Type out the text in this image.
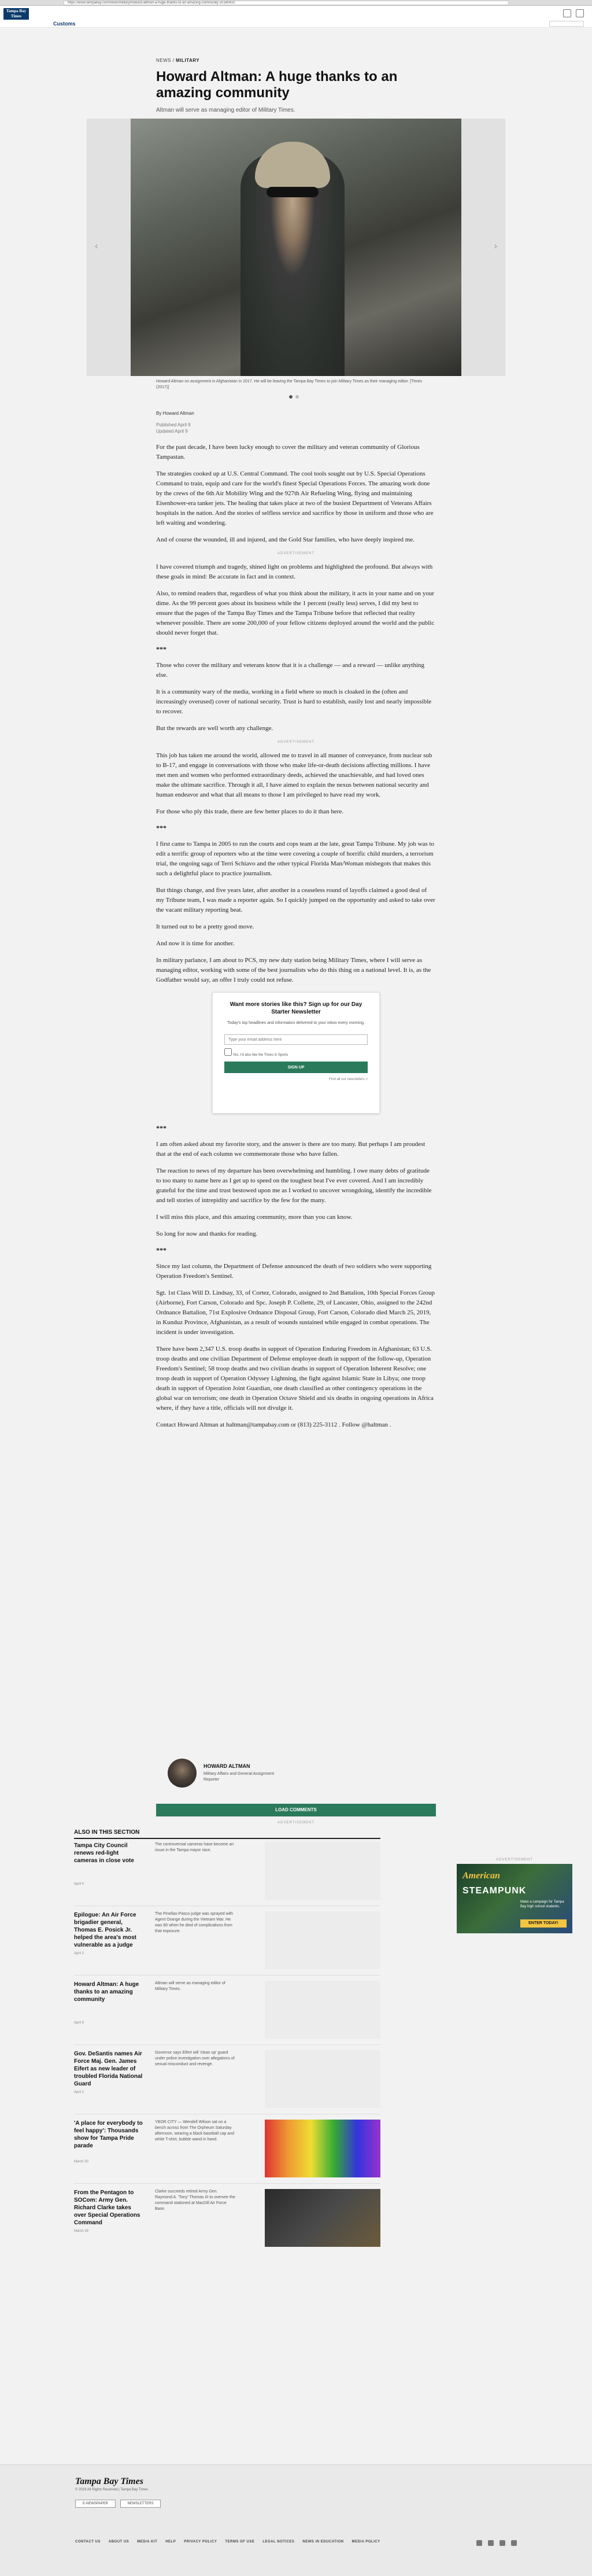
https://www.tampabay.com/news/military/howard-altman-a-huge-thanks-to-an-amazing-community-20180410
Tampa Bay Times
Customs
NEWS / MILITARY
Howard Altman: A huge thanks to an amazing community
Altman will serve as managing editor of Military Times.
‹	›
Howard Altman on assignment in Afghanistan in 2017. He will be leaving the Tampa Bay Times to join Military Times as their managing editor. [Times (2017)]
By Howard Altman
Published April 9
Updated April 9

For the past decade, I have been lucky enough to cover the military and veteran community of Glorious Tampastan.

The strategies cooked up at U.S. Central Command. The cool tools sought out by U.S. Special Operations Command to train, equip and care for the world's finest Special Operations Forces. The amazing work done by the crews of the 6th Air Mobility Wing and the 927th Air Refueling Wing, flying and maintaining Eisenhower-era tanker jets. The healing that takes place at two of the busiest Department of Veterans Affairs hospitals in the nation. And the stories of selfless service and sacrifice by those in uniform and those who are left waiting and wondering.

And of course the wounded, ill and injured, and the Gold Star families, who have deeply inspired me.

ADVERTISEMENT

I have covered triumph and tragedy, shined light on problems and highlighted the profound. But always with these goals in mind: Be accurate in fact and in context.

Also, to remind readers that, regardless of what you think about the military, it acts in your name and on your dime. As the 99 percent goes about its business while the 1 percent (really less) serves, I did my best to ensure that the pages of the Tampa Bay Times and the Tampa Tribune before that reflected that reality whenever possible. There are some 200,000 of your fellow citizens deployed around the world and the public should never forget that.

***

Those who cover the military and veterans know that it is a challenge — and a reward — unlike anything else.

It is a community wary of the media, working in a field where so much is cloaked in the (often and increasingly overused) cover of national security. Trust is hard to establish, easily lost and nearly impossible to recover.

But the rewards are well worth any challenge.

ADVERTISEMENT

This job has taken me around the world, allowed me to travel in all manner of conveyance, from nuclear sub to B-17, and engage in conversations with those who make life-or-death decisions affecting millions. I have met men and women who performed extraordinary deeds, achieved the unachievable, and had loved ones make the ultimate sacrifice. Through it all, I have aimed to explain the nexus between national security and human endeavor and what that all means to those I am privileged to have read my work.

For those who ply this trade, there are few better places to do it than here.

***

I first came to Tampa in 2005 to run the courts and cops team at the late, great Tampa Tribune. My job was to edit a terrific group of reporters who at the time were covering a couple of horrific child murders, a terrorism trial, the ongoing saga of Terri Schiavo and the other typical Florida Man/Woman misbegots that makes this such a delightful place to practice journalism.

But things change, and five years later, after another in a ceaseless round of layoffs claimed a good deal of my Tribune team, I was made a reporter again. So I quickly jumped on the opportunity and asked to take over the vacant military reporting beat.

It turned out to be a pretty good move.

And now it is time for another.

In military parlance, I am about to PCS, my new duty station being Military Times, where I will serve as managing editor, working with some of the best journalists who do this thing on a national level. It is, as the Godfather would say, an offer I truly could not refuse.

Want more stories like this? Sign up for our Day Starter Newsletter
Today's top headlines and information delivered to your inbox every morning.
Type your email address here
Yes, I'd also like the Times in Sports
SIGN UP
Find all our newsletters >
***

I am often asked about my favorite story, and the answer is there are too many. But perhaps I am proudest that at the end of each column we commemorate those who have fallen.

The reaction to news of my departure has been overwhelming and humbling. I owe many debts of gratitude to too many to name here as I get up to speed on the toughest beat I've ever covered. And I am incredibly grateful for the time and trust bestowed upon me as I worked to uncover wrongdoing, identify the incredible and tell stories of intrepidity and sacrifice by the few for the many.

I will miss this place, and this amazing community, more than you can know.

So long for now and thanks for reading.

***

Since my last column, the Department of Defense announced the death of two soldiers who were supporting Operation Freedom's Sentinel.

Sgt. 1st Class Will D. Lindsay, 33, of Cortez, Colorado, assigned to 2nd Battalion, 10th Special Forces Group (Airborne), Fort Carson, Colorado and Spc. Joseph P. Collette, 29, of Lancaster, Ohio, assigned to the 242nd Ordnance Battalion, 71st Explosive Ordnance Disposal Group, Fort Carson, Colorado died March 25, 2019, in Kunduz Province, Afghanistan, as a result of wounds sustained while engaged in combat operations. The incident is under investigation.

There have been 2,347 U.S. troop deaths in support of Operation Enduring Freedom in Afghanistan; 63 U.S. troop deaths and one civilian Department of Defense employee death in support of the follow-up, Operation Freedom's Sentinel; 58 troop deaths and two civilian deaths in support of Operation Inherent Resolve; one troop death in support of Operation Odyssey Lightning, the fight against Islamic State in Libya; one troop death in support of Operation Joint Guardian, one death classified as other contingency operations in the global war on terrorism; one death in Operation Octave Shield and six deaths in ongoing operations in Africa where, if they have a title, officials will not divulge it.

Contact Howard Altman at haltman@tampabay.com or (813) 225-3112 . Follow @haltman .

HOWARD ALTMAN
Military Affairs and General Assignment Reporter
LOAD COMMENTS
ADVERTISEMENT
ALSO IN THIS SECTION
Tampa City Council renews red-light cameras in close vote
April 4
The controversial cameras have become an issue in the Tampa mayor race.
Epilogue: An Air Force brigadier general, Thomas E. Posick Jr. helped the area's most vulnerable as a judge
April 3
The Pinellas-Pasco judge was sprayed with Agent Orange during the Vietnam War. He was 80 when he died of complications from that exposure.
Howard Altman: A huge thanks to an amazing community
April 9
Altman will serve as managing editor of Military Times.
Gov. DeSantis names Air Force Maj. Gen. James Eifert as new leader of troubled Florida National Guard
April 2
Governor says Eifert will 'clean up' guard under police investigation over allegations of sexual misconduct and revenge.
'A place for everybody to feel happy': Thousands show for Tampa Pride parade
March 30
YBOR CITY — Wendell Wilson sat on a bench across from The Orpheum Saturday afternoon, wearing a black baseball cap and white T-shirt, bubble wand in hand.
From the Pentagon to SOCom: Army Gen. Richard Clarke takes over Special Operations Command
March 29
Clarke succeeds retired Army Gen. Raymond A. 'Tony' Thomas III to oversee the command stationed at MacDill Air Force Base.
ADVERTISEMENT
American
STEAMPUNK
Make a campaign for Tampa Bay high school students.
ENTER TODAY!
Tampa Bay Times
© 2019 All Rights Reserved | Tampa Bay Times
E-NEWSPAPER	NEWSLETTERS
CONTACT US ABOUT US MEDIA KIT HELP PRIVACY POLICY TERMS OF USE LEGAL NOTICES NEWS IN EDUCATION MEDIA POLICY
